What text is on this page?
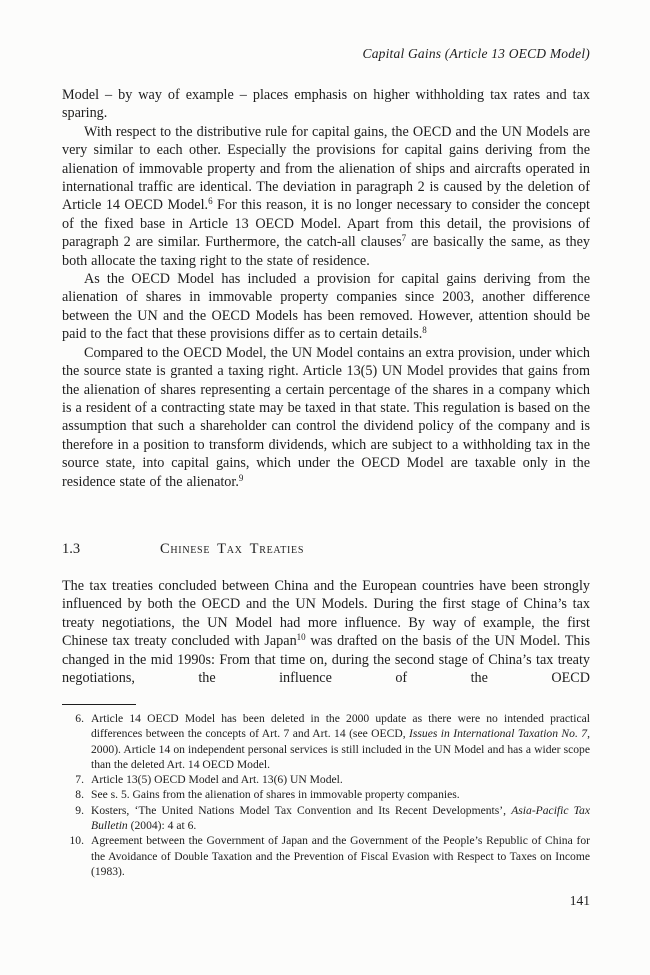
Capital Gains (Article 13 OECD Model)

Model – by way of example – places emphasis on higher withholding tax rates and tax sparing.

With respect to the distributive rule for capital gains, the OECD and the UN Models are very similar to each other. Especially the provisions for capital gains deriving from the alienation of immovable property and from the alienation of ships and aircrafts operated in international traffic are identical. The deviation in paragraph 2 is caused by the deletion of Article 14 OECD Model.$^6$ For this reason, it is no longer necessary to consider the concept of the fixed base in Article 13 OECD Model. Apart from this detail, the provisions of paragraph 2 are similar. Furthermore, the catch-all clauses$^7$ are basically the same, as they both allocate the taxing right to the state of residence.

As the OECD Model has included a provision for capital gains deriving from the alienation of shares in immovable property companies since 2003, another difference between the UN and the OECD Models has been removed. However, attention should be paid to the fact that these provisions differ as to certain details.$^8$

Compared to the OECD Model, the UN Model contains an extra provision, under which the source state is granted a taxing right. Article 13(5) UN Model provides that gains from the alienation of shares representing a certain percentage of the shares in a company which is a resident of a contracting state may be taxed in that state. This regulation is based on the assumption that such a shareholder can control the dividend policy of the company and is therefore in a position to transform dividends, which are subject to a withholding tax in the source state, into capital gains, which under the OECD Model are taxable only in the residence state of the alienator.$^9$

1.3	Chinese Tax Treaties

The tax treaties concluded between China and the European countries have been strongly influenced by both the OECD and the UN Models. During the first stage of China’s tax treaty negotiations, the UN Model had more influence. By way of example, the first Chinese tax treaty concluded with Japan$^{10}$ was drafted on the basis of the UN Model. This changed in the mid 1990s: From that time on, during the second stage of China’s tax treaty negotiations, the influence of the OECD

6. Article 14 OECD Model has been deleted in the 2000 update as there were no intended practical differences between the concepts of Art. 7 and Art. 14 (see OECD, Issues in International Taxation No. 7, 2000). Article 14 on independent personal services is still included in the UN Model and has a wider scope than the deleted Art. 14 OECD Model.
7. Article 13(5) OECD Model and Art. 13(6) UN Model.
8. See s. 5. Gains from the alienation of shares in immovable property companies.
9. Kosters, ‘The United Nations Model Tax Convention and Its Recent Developments’, Asia-Pacific Tax Bulletin (2004): 4 at 6.
10. Agreement between the Government of Japan and the Government of the People’s Republic of China for the Avoidance of Double Taxation and the Prevention of Fiscal Evasion with Respect to Taxes on Income (1983).
141
